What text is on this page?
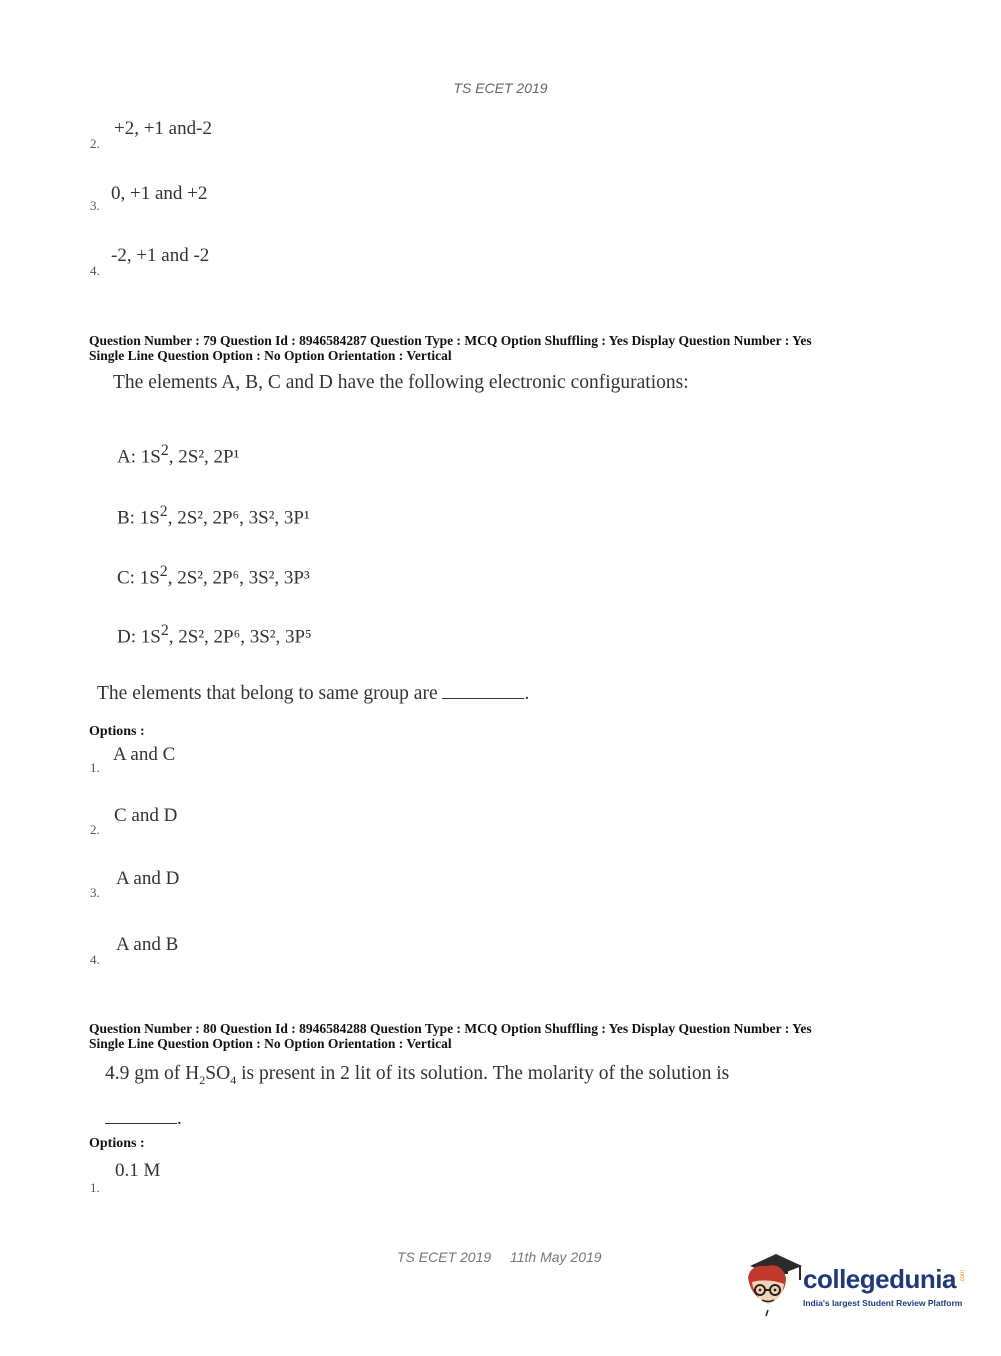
TS ECET 2019
2.
+2, +1 and-2
3.
0, +1 and +2
4.
-2, +1 and -2
Question Number : 79 Question Id : 8946584287 Question Type : MCQ Option Shuffling : Yes Display Question Number : Yes
Single Line Question Option : No Option Orientation : Vertical
The elements A, B, C and D have the following electronic configurations:
A: $1S^2$, 2S², 2P¹
B: $1S^2$, 2S², 2P⁶, 3S², 3P¹
C: $1S^2$, 2S², 2P⁶, 3S², 3P³
D: $1S^2$, 2S², 2P⁶, 3S², 3P⁵
The elements that belong to same group are	.
Options :
1.
A and C
2.
C and D
3.
A and D
4.
A and B
Question Number : 80 Question Id : 8946584288 Question Type : MCQ Option Shuffling : Yes Display Question Number : Yes
Single Line Question Option : No Option Orientation : Vertical
4.9 gm of $H_2SO_4$ is present in 2 lit of its solution. The molarity of the solution is
.
Options :
1.
0.1 M
TS ECET 2019 11th May 2019
collegedunia .com
India's largest Student Review Platform
